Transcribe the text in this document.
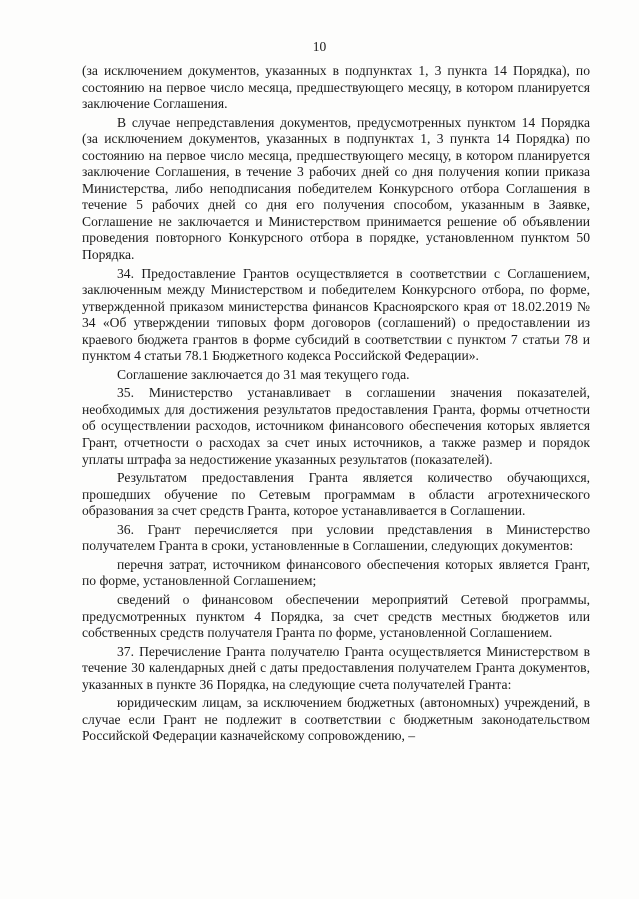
10

(за исключением документов, указанных в подпунктах 1, 3 пункта 14 Порядка), по состоянию на первое число месяца, предшествующего месяцу, в котором планируется заключение Соглашения.

В случае непредставления документов, предусмотренных пунктом 14 Порядка (за исключением документов, указанных в подпунктах 1, 3 пункта 14 Порядка) по состоянию на первое число месяца, предшествующего месяцу, в котором планируется заключение Соглашения, в течение 3 рабочих дней со дня получения копии приказа Министерства, либо неподписания победителем Конкурсного отбора Соглашения в течение 5 рабочих дней со дня его получения способом, указанным в Заявке, Соглашение не заключается и Министерством принимается решение об объявлении проведения повторного Конкурсного отбора в порядке, установленном пунктом 50 Порядка.

34. Предоставление Грантов осуществляется в соответствии с Соглашением, заключенным между Министерством и победителем Конкурсного отбора, по форме, утвержденной приказом министерства финансов Красноярского края от 18.02.2019 № 34 «Об утверждении типовых форм договоров (соглашений) о предоставлении из краевого бюджета грантов в форме субсидий в соответствии с пунктом 7 статьи 78 и пунктом 4 статьи 78.1 Бюджетного кодекса Российской Федерации».

Соглашение заключается до 31 мая текущего года.

35. Министерство устанавливает в соглашении значения показателей, необходимых для достижения результатов предоставления Гранта, формы отчетности об осуществлении расходов, источником финансового обеспечения которых является Грант, отчетности о расходах за счет иных источников, а также размер и порядок уплаты штрафа за недостижение указанных результатов (показателей).

Результатом предоставления Гранта является количество обучающихся, прошедших обучение по Сетевым программам в области агротехнического образования за счет средств Гранта, которое устанавливается в Соглашении.

36. Грант перечисляется при условии представления в Министерство получателем Гранта в сроки, установленные в Соглашении, следующих документов:

перечня затрат, источником финансового обеспечения которых является Грант, по форме, установленной Соглашением;

сведений о финансовом обеспечении мероприятий Сетевой программы, предусмотренных пунктом 4 Порядка, за счет средств местных бюджетов или собственных средств получателя Гранта по форме, установленной Соглашением.

37. Перечисление Гранта получателю Гранта осуществляется Министерством в течение 30 календарных дней с даты предоставления получателем Гранта документов, указанных в пункте 36 Порядка, на следующие счета получателей Гранта:

юридическим лицам, за исключением бюджетных (автономных) учреждений, в случае если Грант не подлежит в соответствии с бюджетным законодательством Российской Федерации казначейскому сопровождению, –
